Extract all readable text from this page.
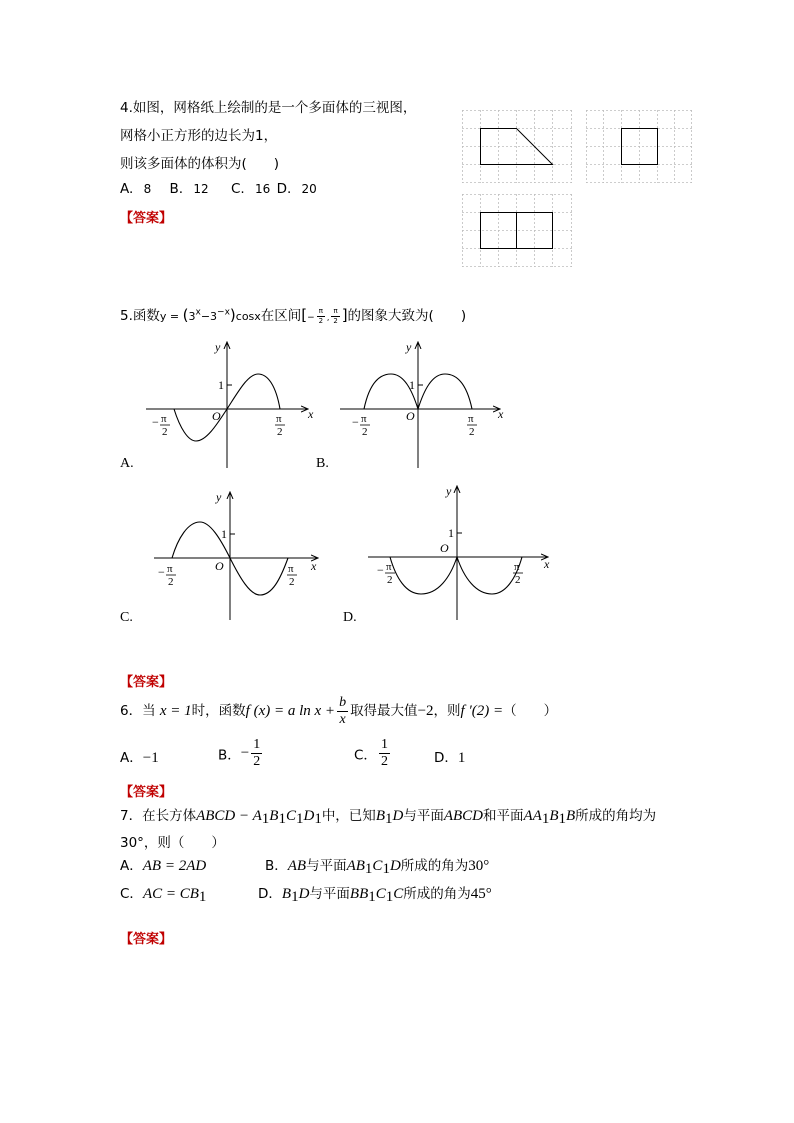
4.如图，网格纸上绘制的是一个多面体的三视图，
网格小正方形的边长为1，
则该多面体的体积为(　　)
A. 8 B. 12 C. 16 D. 20
【答案】
5.函数$y = (3^x-3^{-x})\cos x$在区间[− $\frac{\pi}{2}$ , $\frac{\pi}{2}$ ]的图象大致为(　　)
1
O	x
y
− π
2
π
2
A.
1
O	x
y
− π
2
π
2
B.
1
O	x
y
− π
2
π
2
C.
1
O
x
y
− π
2
π
2
D.
【答案】
6．当 x = 1时，函数f (x) = a $\ln x + \frac{b}{x}$ 取得最大值−2，则f ′(2) =（　　）
A．−1	B．− $\frac{1}{2}$	C． $\frac{1}{2}$	D．1
【答案】
7．在长方体ABCD − $A_1B_1C_1D_1$中，已知$B_1D$与平面ABCD和平面$AA_1B_1B$所成的角均为
30°，则（　　）
A．AB = 2AD	B．AB与平面$AB_1C_1D$所成的角为30°
C．AC = $CB_1$	D．$B_1D$与平面$BB_1C_1C$所成的角为45°
【答案】
